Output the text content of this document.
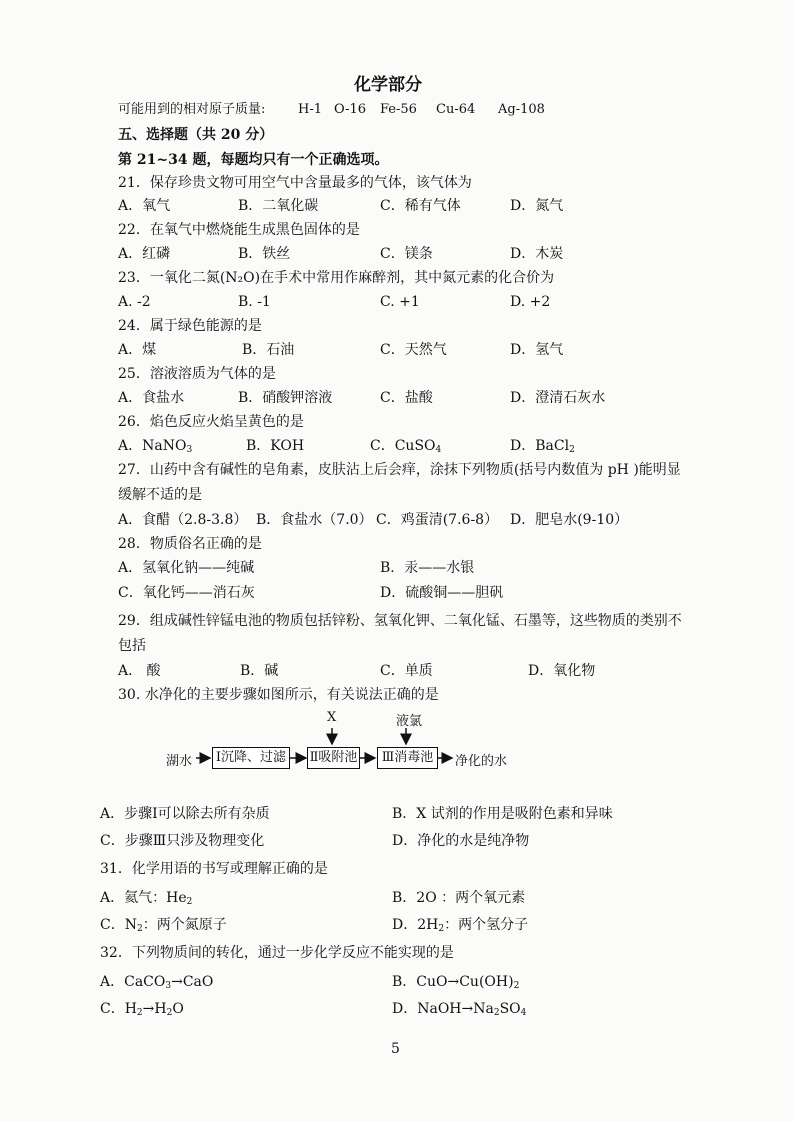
化学部分
可能用到的相对原子质量:	H-1 O-16 Fe-56 Cu-64 Ag-108
五、选择题（共 20 分）
第 21~34 题，每题均只有一个正确选项。
21．保存珍贵文物可用空气中含量最多的气体，该气体为
A．氧气	B．二氧化碳	C．稀有气体	D．氮气
22．在氧气中燃烧能生成黑色固体的是
A．红磷	B．铁丝	C．镁条	D．木炭
23．一氧化二氮(N₂O)在手术中常用作麻醉剂，其中氮元素的化合价为
A. -2	B. -1	C. +1	D. +2
24．属于绿色能源的是
A．煤	B．石油	C．天然气	D．氢气
25．溶液溶质为气体的是
A．食盐水	B．硝酸钾溶液	C．盐酸	D．澄清石灰水
26．焰色反应火焰呈黄色的是
A．NaNO$_3$	B．KOH	C．CuSO$_4$	D．BaCl$_2$
27．山药中含有碱性的皂角素，皮肤沾上后会痒，涂抹下列物质(括号内数值为 pH )能明显
缓解不适的是
A．食醋（2.8-3.8） B．食盐水（7.0） C．鸡蛋清(7.6-8） D．肥皂水(9-10）
28．物质俗名正确的是
A．氢氧化钠——纯碱	B．汞——水银
C．氧化钙——消石灰	D．硫酸铜——胆矾
29．组成碱性锌锰电池的物质包括锌粉、氢氧化钾、二氧化锰、石墨等，这些物质的类别不
包括
A． 酸	B．碱	C．单质	D．氧化物
30. 水净化的主要步骤如图所示，有关说法正确的是
湖水	Ⅰ沉降、过滤	Ⅱ吸附池	Ⅲ消毒池	净化的水
X	液氯
A．步骤Ⅰ可以除去所有杂质	B．X 试剂的作用是吸附色素和异味
C．步骤Ⅲ只涉及物理变化	D．净化的水是纯净物
31．化学用语的书写或理解正确的是
A．氦气：$He_2$	B．2O ：两个氧元素
C．$N_2$：两个氮原子	D．$2H_2$：两个氢分子
32．下列物质间的转化，通过一步化学反应不能实现的是
A．CaCO$_3$→CaO	B．$CuO\to Cu(OH)_2$
C．$H_2\to H_2O$	D．$NaOH\to Na_2SO_4$
5
